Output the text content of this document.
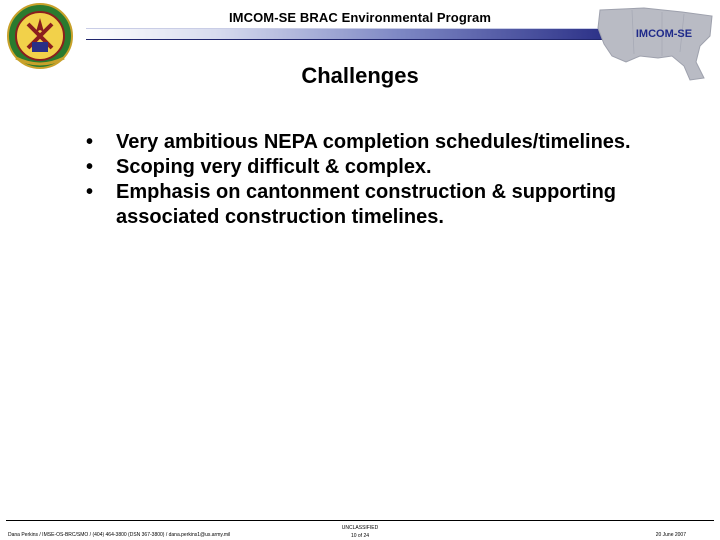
IMCOM-SE BRAC Environmental Program
IMCOM-SE
Challenges
• Very ambitious NEPA completion schedules/timelines.
• Scoping very difficult & complex.
• Emphasis on cantonment construction & supporting associated construction timelines.
Dana Perkins / IMSE-OS-BRC/SMO / (404) 464-3800 (DSN 367-3800) / dana.perkins1@us.army.mil
UNCLASSIFIED
10 of 24	20 June 2007
